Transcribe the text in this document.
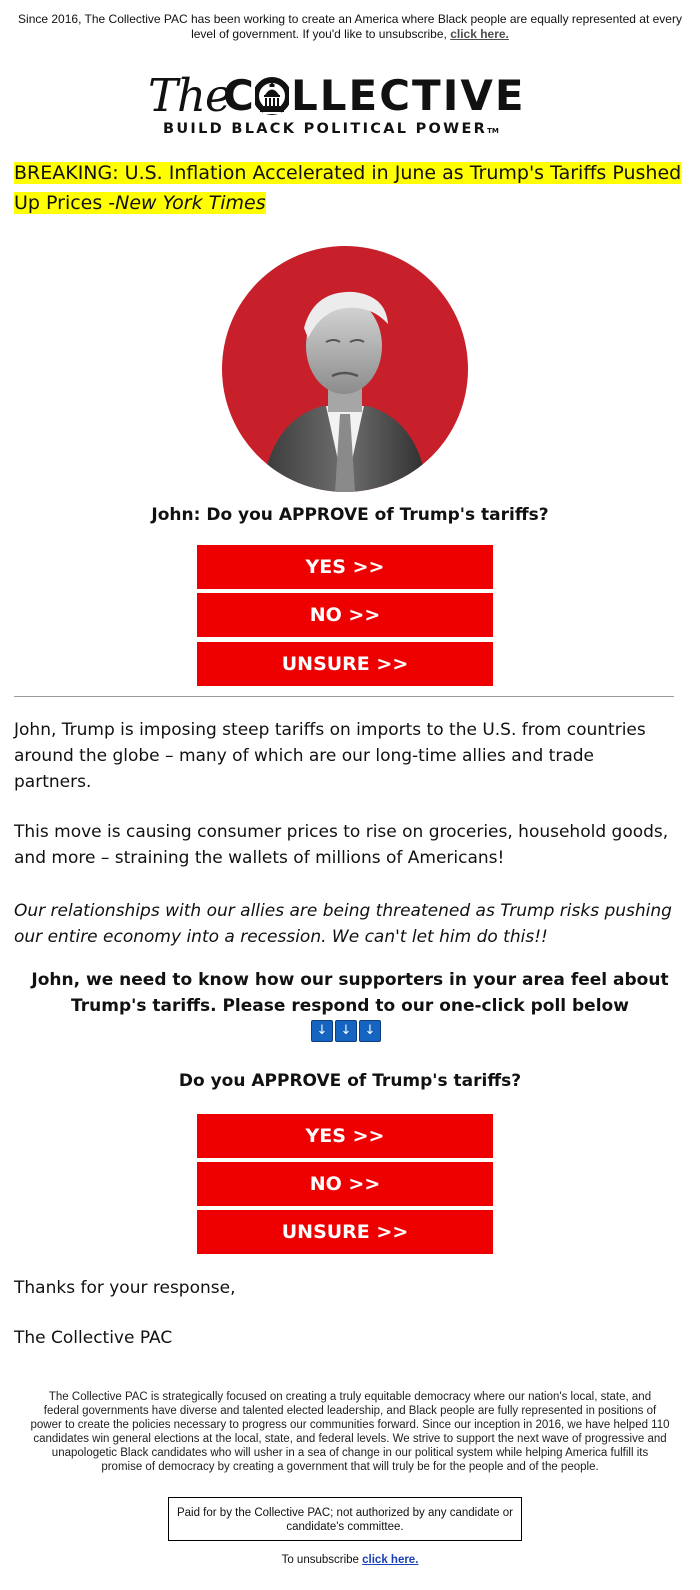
Since 2016, The Collective PAC has been working to create an America where Black people are equally represented at every level of government. If you'd like to unsubscribe, click here.
The
C LLECTIVE
BUILD BLACK POLITICAL POWERTM
BREAKING: U.S. Inflation Accelerated in June as Trump's Tariffs Pushed Up Prices -New York Times
John: Do you APPROVE of Trump's tariffs?
YES >>
NO >>
UNSURE >>
John, Trump is imposing steep tariffs on imports to the U.S. from countries around the globe – many of which are our long-time allies and trade partners.
This move is causing consumer prices to rise on groceries, household goods, and more – straining the wallets of millions of Americans!
Our relationships with our allies are being threatened as Trump risks pushing our entire economy into a recession. We can't let him do this!!
John, we need to know how our supporters in your area feel about Trump's tariffs. Please respond to our one-click poll below
↓	↓	↓
Do you APPROVE of Trump's tariffs?
YES >>
NO >>
UNSURE >>
Thanks for your response,
The Collective PAC
The Collective PAC is strategically focused on creating a truly equitable democracy where our nation's local, state, and federal governments have diverse and talented elected leadership, and Black people are fully represented in positions of power to create the policies necessary to progress our communities forward. Since our inception in 2016, we have helped 110 candidates win general elections at the local, state, and federal levels. We strive to support the next wave of progressive and unapologetic Black candidates who will usher in a sea of change in our political system while helping America fulfill its promise of democracy by creating a government that will truly be for the people and of the people.
Paid for by the Collective PAC; not authorized by any candidate or candidate's committee.
To unsubscribe click here.
